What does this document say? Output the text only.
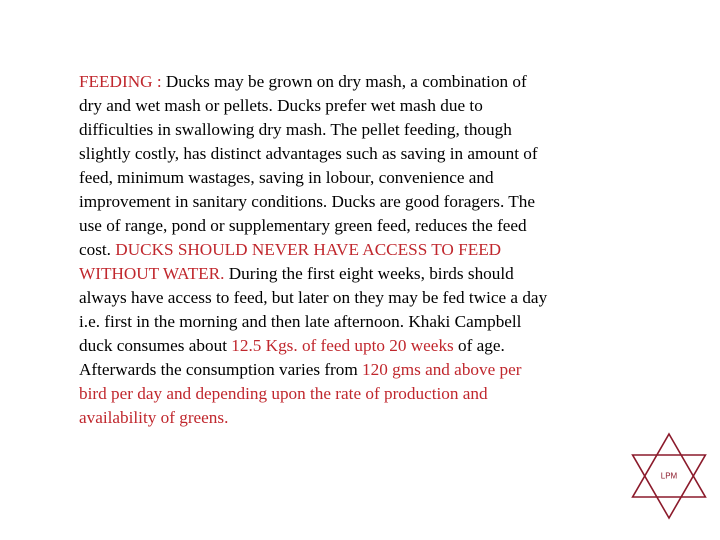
FEEDING : Ducks may be grown on dry mash, a combination of
dry and wet mash or pellets. Ducks prefer wet mash due to
difficulties in swallowing dry mash. The pellet feeding, though
slightly costly, has distinct advantages such as saving in amount of
feed, minimum wastages, saving in lobour, convenience and
improvement in sanitary conditions. Ducks are good foragers. The
use of range, pond or supplementary green feed, reduces the feed
cost. DUCKS SHOULD NEVER HAVE ACCESS TO FEED
WITHOUT WATER. During the first eight weeks, birds should
always have access to feed, but later on they may be fed twice a day
i.e. first in the morning and then late afternoon. Khaki Campbell
duck consumes about 12.5 Kgs. of feed upto 20 weeks of age.
Afterwards the consumption varies from 120 gms and above per
bird per day and depending upon the rate of production and
availability of greens.
LPM
